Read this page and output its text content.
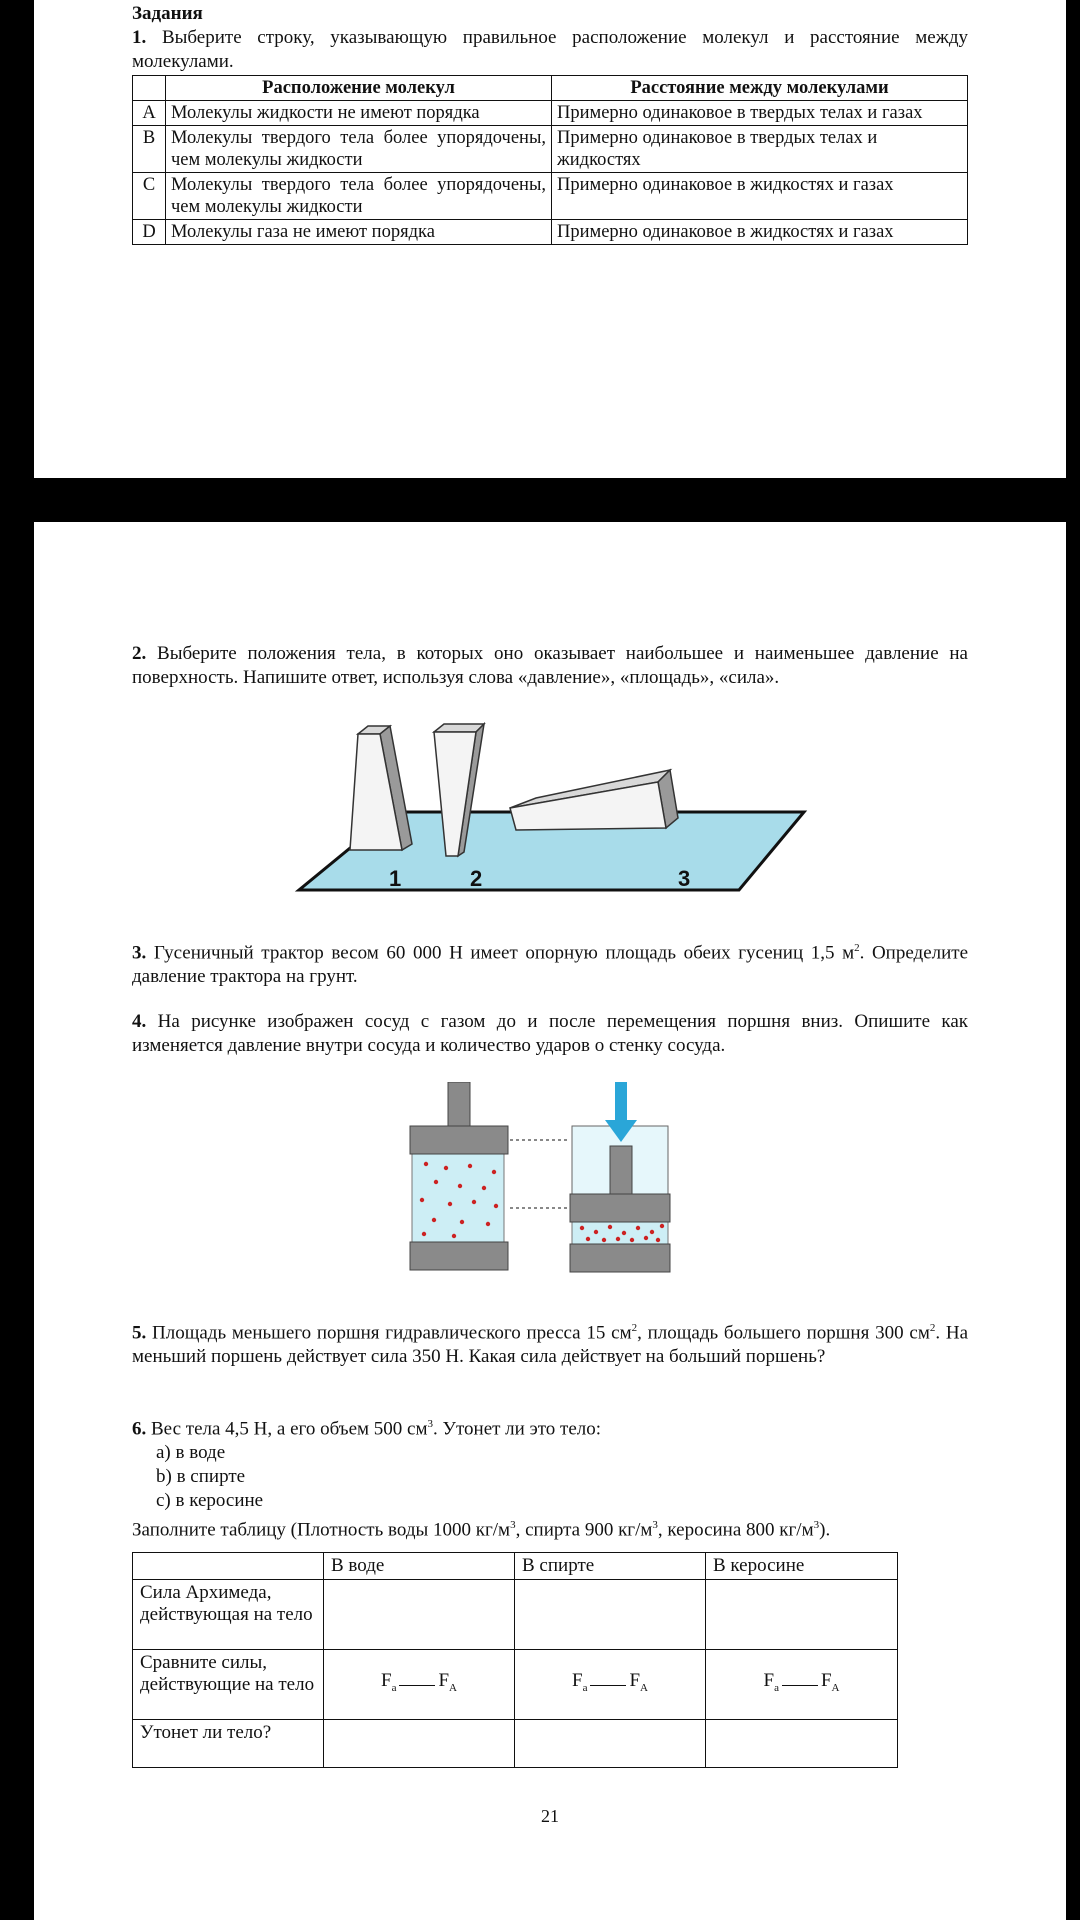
Задания
1. Выберите строку, указывающую правильное расположение молекул и расстояние между молекулами.
	Расположение молекул	Расстояние между молекулами
A	Молекулы жидкости не имеют порядка	Примерно одинаковое в твердых телах и газах
B	Молекулы твердого тела более упорядочены, чем молекулы жидкости	Примерно одинаковое в твердых телах и жидкостях
C	Молекулы твердого тела более упорядочены, чем молекулы жидкости	Примерно одинаковое в жидкостях и газах
D	Молекулы газа не имеют порядка	Примерно одинаковое в жидкостях и газах
2. Выберите положения тела, в которых оно оказывает наибольшее и наименьшее давление на поверхность. Напишите ответ, используя слова «давление», «площадь», «сила».
1	2	3
3. Гусеничный трактор весом 60 000 Н имеет опорную площадь обеих гусениц 1,5 $м^2$. Определите давление трактора на грунт.
4. На рисунке изображен сосуд с газом до и после перемещения поршня вниз. Опишите как изменяется давление внутри сосуда и количество ударов о стенку сосуда.
5. Площадь меньшего поршня гидравлического пресса 15 $см^2$, площадь большего поршня 300 $см^2$. На меньший поршень действует сила 350 Н. Какая сила действует на больший поршень?
6. Вес тела 4,5 Н, а его объем 500 $см^3$. Утонет ли это тело:
a) в воде
b) в спирте
c) в керосине
Заполните таблицу (Плотность воды 1000 $кг/м^3$, спирта 900 $кг/м^3$, керосина 800 $кг/м^3$).
	В воде	В спирте	В керосине
Сила Архимеда, действующая на тело			
Сравните силы, действующие на тело	$F_а$ $F_A$	$F_а$ $F_A$	$F_а$ $F_A$
Утонет ли тело?			
21
